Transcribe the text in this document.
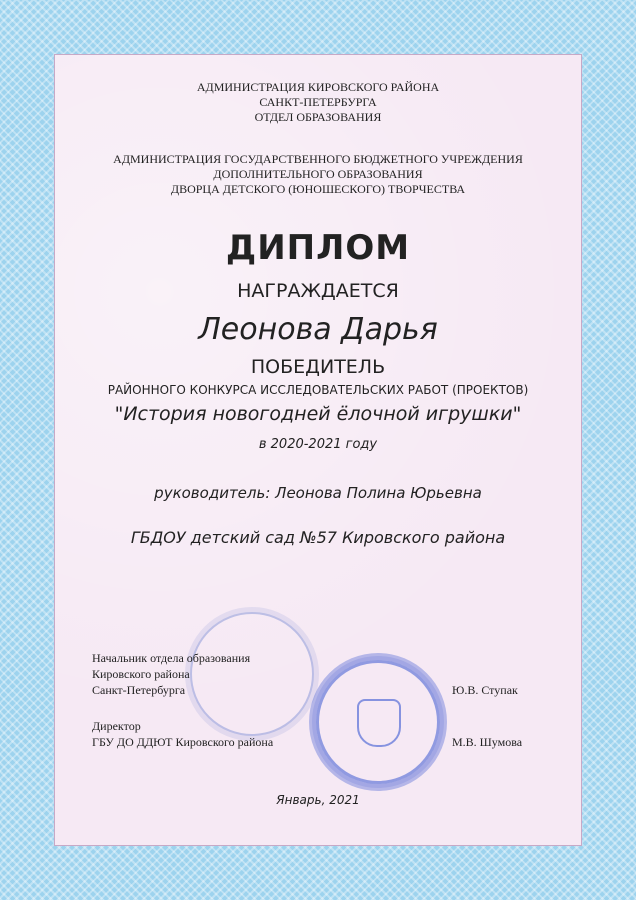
АДМИНИСТРАЦИЯ КИРОВСКОГО РАЙОНА
САНКТ-ПЕТЕРБУРГА
ОТДЕЛ ОБРАЗОВАНИЯ
АДМИНИСТРАЦИЯ ГОСУДАРСТВЕННОГО БЮДЖЕТНОГО УЧРЕЖДЕНИЯ
ДОПОЛНИТЕЛЬНОГО ОБРАЗОВАНИЯ
ДВОРЦА ДЕТСКОГО (ЮНОШЕСКОГО) ТВОРЧЕСТВА
ДИПЛОМ
НАГРАЖДАЕТСЯ
Леонова Дарья
ПОБЕДИТЕЛЬ
РАЙОННОГО КОНКУРСА ИССЛЕДОВАТЕЛЬСКИХ РАБОТ (ПРОЕКТОВ)
"История новогодней ёлочной игрушки"
в 2020-2021 году
руководитель: Леонова Полина Юрьевна
ГБДОУ детский сад №57 Кировского района
Начальник отдела образования
Кировского района
Санкт-Петербурга	Ю.В. Ступак
Директор
ГБУ ДО ДДЮТ Кировского района	М.В. Шумова
Январь, 2021
